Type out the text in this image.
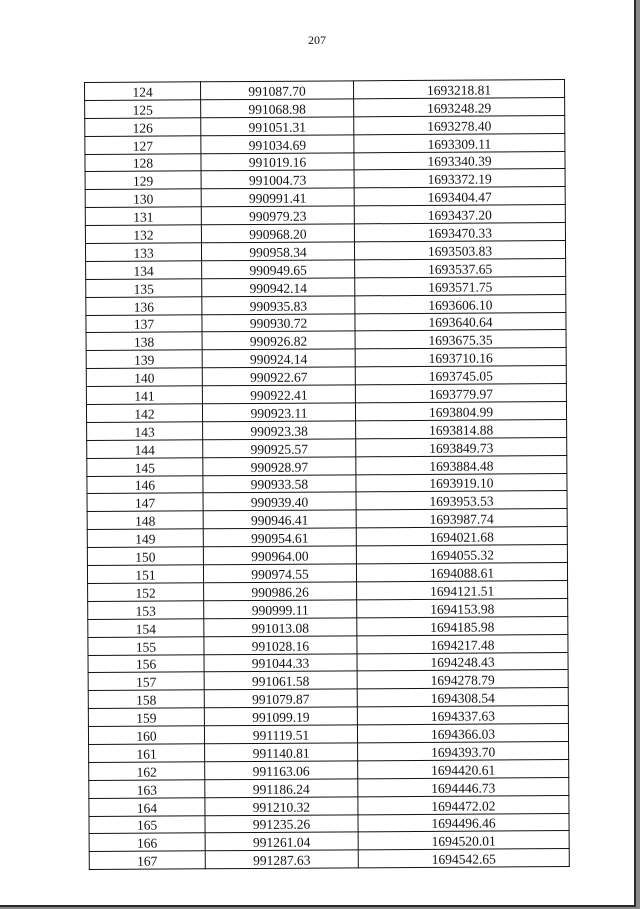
207
124	991087.70	1693218.81
125	991068.98	1693248.29
126	991051.31	1693278.40
127	991034.69	1693309.11
128	991019.16	1693340.39
129	991004.73	1693372.19
130	990991.41	1693404.47
131	990979.23	1693437.20
132	990968.20	1693470.33
133	990958.34	1693503.83
134	990949.65	1693537.65
135	990942.14	1693571.75
136	990935.83	1693606.10
137	990930.72	1693640.64
138	990926.82	1693675.35
139	990924.14	1693710.16
140	990922.67	1693745.05
141	990922.41	1693779.97
142	990923.11	1693804.99
143	990923.38	1693814.88
144	990925.57	1693849.73
145	990928.97	1693884.48
146	990933.58	1693919.10
147	990939.40	1693953.53
148	990946.41	1693987.74
149	990954.61	1694021.68
150	990964.00	1694055.32
151	990974.55	1694088.61
152	990986.26	1694121.51
153	990999.11	1694153.98
154	991013.08	1694185.98
155	991028.16	1694217.48
156	991044.33	1694248.43
157	991061.58	1694278.79
158	991079.87	1694308.54
159	991099.19	1694337.63
160	991119.51	1694366.03
161	991140.81	1694393.70
162	991163.06	1694420.61
163	991186.24	1694446.73
164	991210.32	1694472.02
165	991235.26	1694496.46
166	991261.04	1694520.01
167	991287.63	1694542.65
